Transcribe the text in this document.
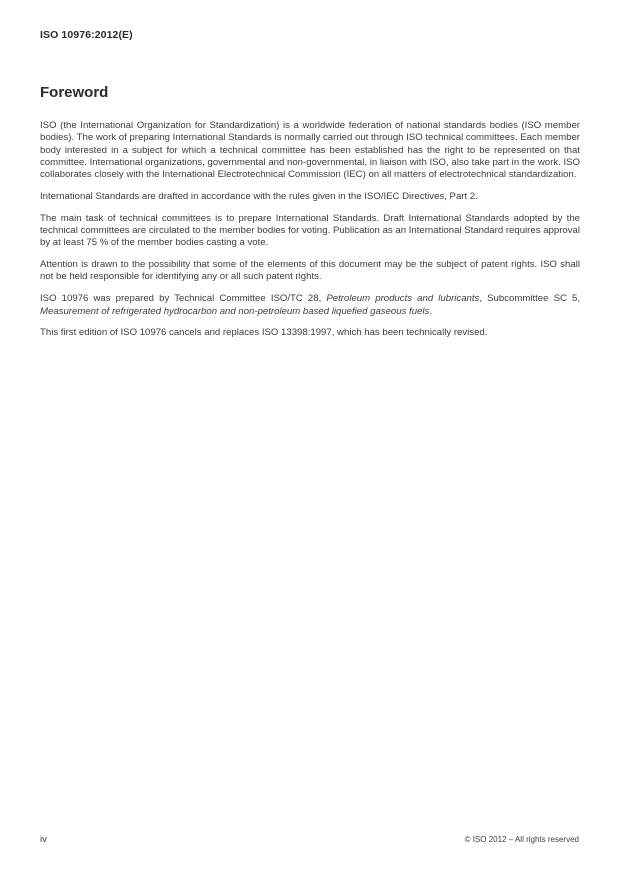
ISO 10976:2012(E)
Foreword

ISO (the International Organization for Standardization) is a worldwide federation of national standards bodies (ISO member bodies). The work of preparing International Standards is normally carried out through ISO technical committees. Each member body interested in a subject for which a technical committee has been established has the right to be represented on that committee. International organizations, governmental and non-governmental, in liaison with ISO, also take part in the work. ISO collaborates closely with the International Electrotechnical Commission (IEC) on all matters of electrotechnical standardization.

International Standards are drafted in accordance with the rules given in the ISO/IEC Directives, Part 2.

The main task of technical committees is to prepare International Standards. Draft International Standards adopted by the technical committees are circulated to the member bodies for voting. Publication as an International Standard requires approval by at least 75 % of the member bodies casting a vote.

Attention is drawn to the possibility that some of the elements of this document may be the subject of patent rights. ISO shall not be held responsible for identifying any or all such patent rights.

ISO 10976 was prepared by Technical Committee ISO/TC 28, Petroleum products and lubricants, Subcommittee SC 5, Measurement of refrigerated hydrocarbon and non-petroleum based liquefied gaseous fuels.

This first edition of ISO 10976 cancels and replaces ISO 13398:1997, which has been technically revised.

iv	© ISO 2012 – All rights reserved
